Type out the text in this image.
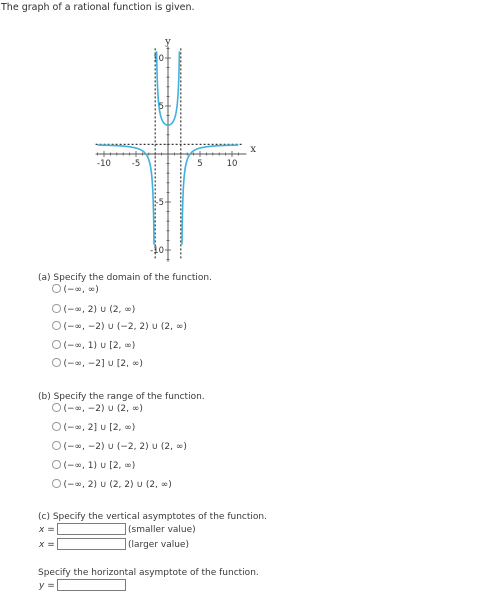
The graph of a rational function is given.
-10 -5	5	10
10
5
-5
-10
x
y
(a) Specify the domain of the function.
(−∞, ∞)
(−∞, 2) ∪ (2, ∞)
(−∞, −2) ∪ (−2, 2) ∪ (2, ∞)
(−∞, 1) ∪ [2, ∞)
(−∞, −2] ∪ [2, ∞)
(b) Specify the range of the function.
(−∞, −2) ∪ (2, ∞)
(−∞, 2] ∪ [2, ∞)
(−∞, −2) ∪ (−2, 2) ∪ (2, ∞)
(−∞, 1) ∪ [2, ∞)
(−∞, 2) ∪ (2, 2) ∪ (2, ∞)
(c) Specify the vertical asymptotes of the function.
x =	(smaller value)
x =	(larger value)
Specify the horizontal asymptote of the function.
y =
